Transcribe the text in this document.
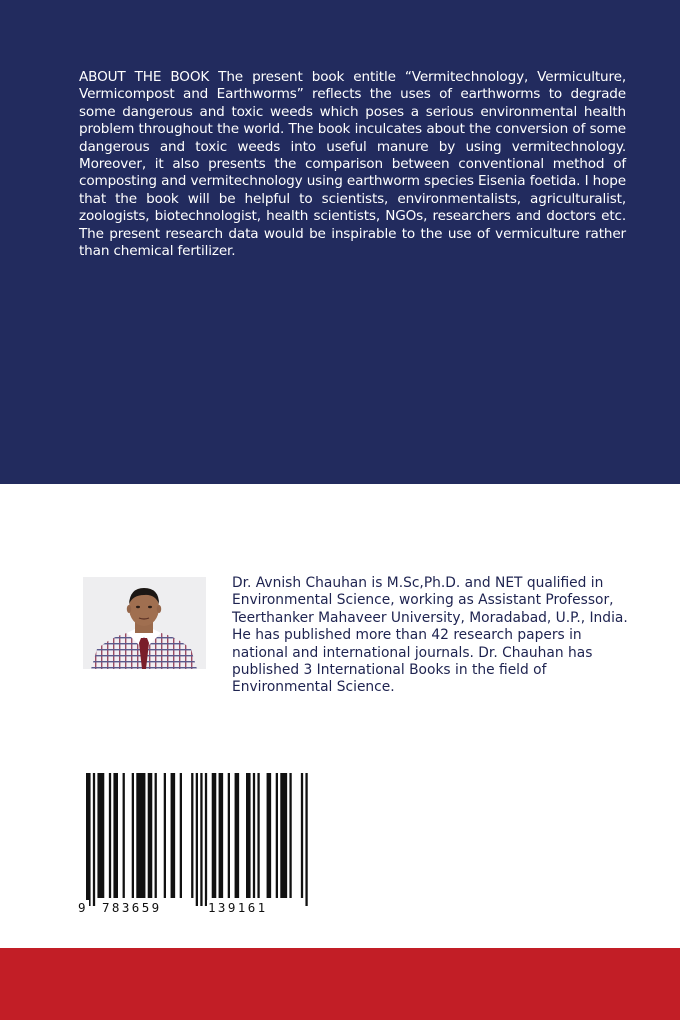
ABOUT THE BOOK The present book entitle “Vermitechnology, Vermiculture, Vermicompost and Earthworms” reflects the uses of earthworms to degrade some dangerous and toxic weeds which poses a serious environmental health problem throughout the world. The book inculcates about the conversion of some dangerous and toxic weeds into useful manure by using vermitechnology. Moreover, it also presents the comparison between conventional method of composting and vermitechnology using earthworm species Eisenia foetida. I hope that the book will be helpful to scientists, environmentalists, agriculturalist, zoologists, biotechnologist, health scientists, NGOs, researchers and doctors etc. The present research data would be inspirable to the use of vermiculture rather than chemical fertilizer.

Dr. Avnish Chauhan is M.Sc,Ph.D. and NET qualified in Environmental Science, working as Assistant Professor, Teerthanker Mahaveer University, Moradabad, U.P., India. He has published more than 42 research papers in national and international journals. Dr. Chauhan has published 3 International Books in the field of Environmental Science.

9 783659	139161
